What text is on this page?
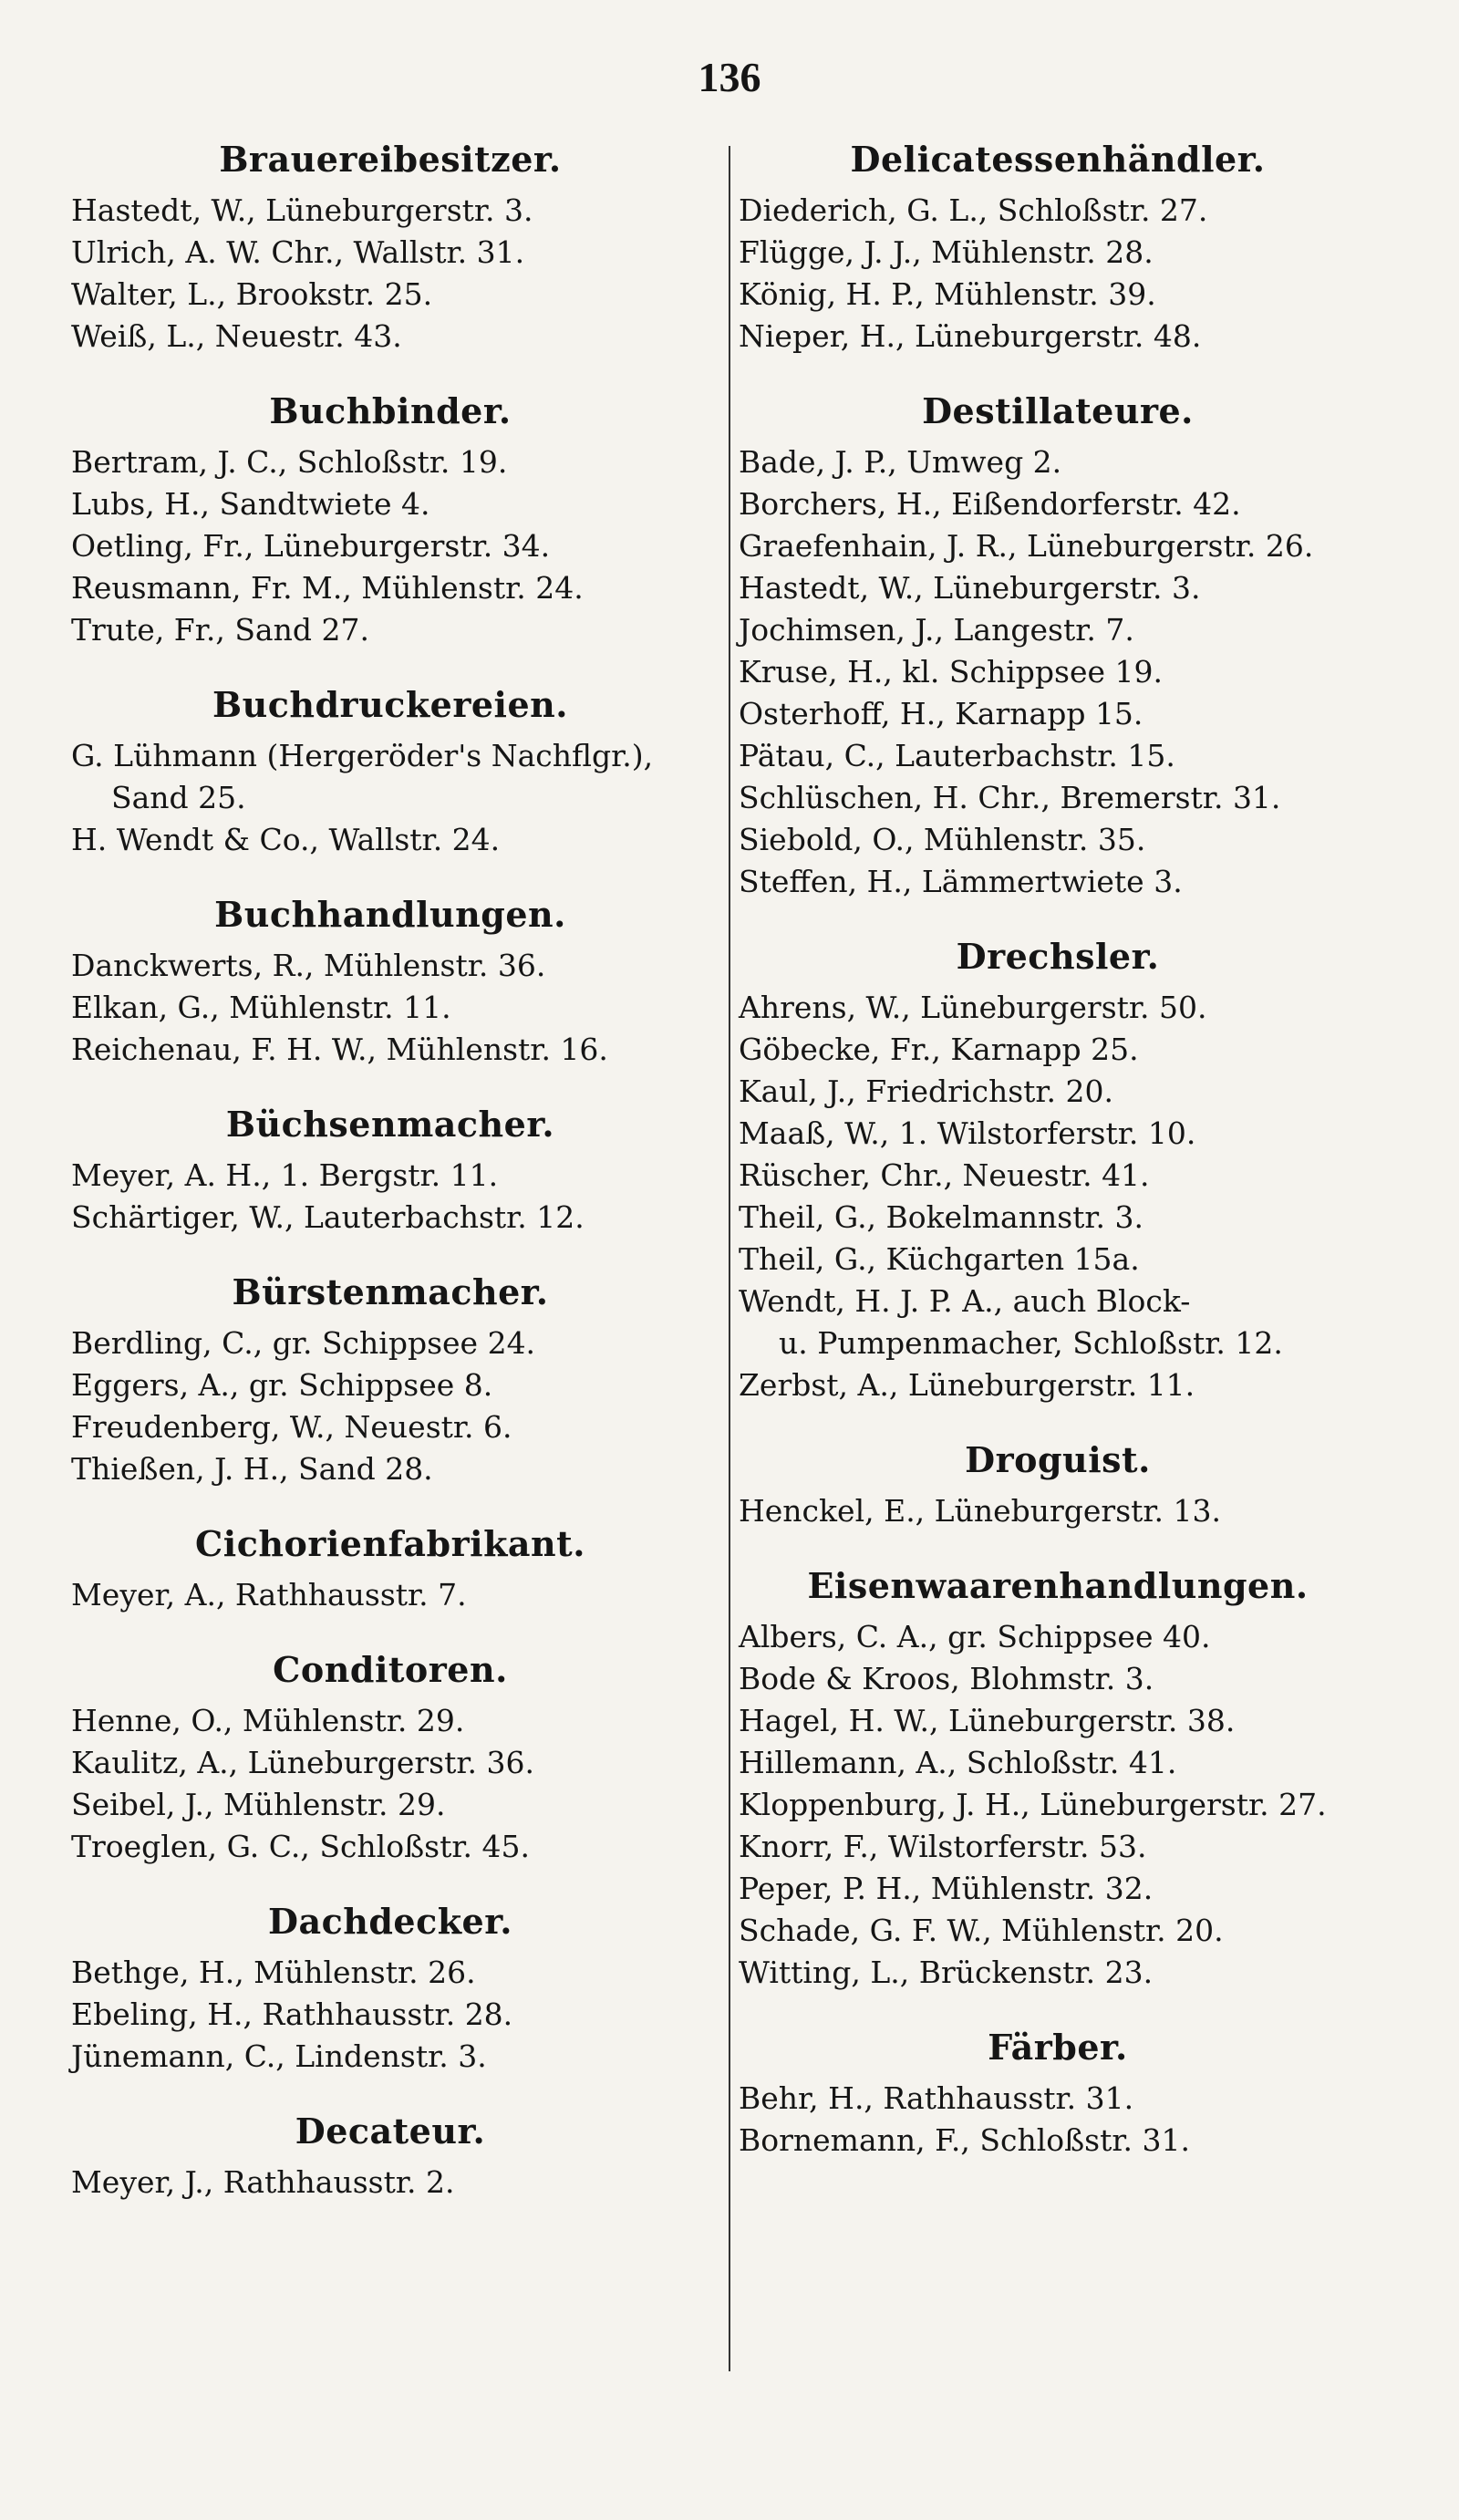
136
Brauereibesitzer.
Hastedt, W., Lüneburgerstr. 3.
Ulrich, A. W. Chr., Wallstr. 31.
Walter, L., Brookstr. 25.
Weiß, L., Neuestr. 43.
Buchbinder.
Bertram, J. C., Schloßstr. 19.
Lubs, H., Sandtwiete 4.
Oetling, Fr., Lüneburgerstr. 34.
Reusmann, Fr. M., Mühlenstr. 24.
Trute, Fr., Sand 27.
Buchdruckereien.
G. Lühmann (Hergeröder's Nachflgr.),
Sand 25.
H. Wendt & Co., Wallstr. 24.
Buchhandlungen.
Danckwerts, R., Mühlenstr. 36.
Elkan, G., Mühlenstr. 11.
Reichenau, F. H. W., Mühlenstr. 16.
Büchsenmacher.
Meyer, A. H., 1. Bergstr. 11.
Schärtiger, W., Lauterbachstr. 12.
Bürstenmacher.
Berdling, C., gr. Schippsee 24.
Eggers, A., gr. Schippsee 8.
Freudenberg, W., Neuestr. 6.
Thießen, J. H., Sand 28.
Cichorienfabrikant.
Meyer, A., Rathhausstr. 7.
Conditoren.
Henne, O., Mühlenstr. 29.
Kaulitz, A., Lüneburgerstr. 36.
Seibel, J., Mühlenstr. 29.
Troeglen, G. C., Schloßstr. 45.
Dachdecker.
Bethge, H., Mühlenstr. 26.
Ebeling, H., Rathhausstr. 28.
Jünemann, C., Lindenstr. 3.
Decateur.
Meyer, J., Rathhausstr. 2.
Delicatessenhändler.
Diederich, G. L., Schloßstr. 27.
Flügge, J. J., Mühlenstr. 28.
König, H. P., Mühlenstr. 39.
Nieper, H., Lüneburgerstr. 48.
Destillateure.
Bade, J. P., Umweg 2.
Borchers, H., Eißendorferstr. 42.
Graefenhain, J. R., Lüneburgerstr. 26.
Hastedt, W., Lüneburgerstr. 3.
Jochimsen, J., Langestr. 7.
Kruse, H., kl. Schippsee 19.
Osterhoff, H., Karnapp 15.
Pätau, C., Lauterbachstr. 15.
Schlüschen, H. Chr., Bremerstr. 31.
Siebold, O., Mühlenstr. 35.
Steffen, H., Lämmertwiete 3.
Drechsler.
Ahrens, W., Lüneburgerstr. 50.
Göbecke, Fr., Karnapp 25.
Kaul, J., Friedrichstr. 20.
Maaß, W., 1. Wilstorferstr. 10.
Rüscher, Chr., Neuestr. 41.
Theil, G., Bokelmannstr. 3.
Theil, G., Küchgarten 15a.
Wendt, H. J. P. A., auch Block-
u. Pumpenmacher, Schloßstr. 12.
Zerbst, A., Lüneburgerstr. 11.
Droguist.
Henckel, E., Lüneburgerstr. 13.
Eisenwaarenhandlungen.
Albers, C. A., gr. Schippsee 40.
Bode & Kroos, Blohmstr. 3.
Hagel, H. W., Lüneburgerstr. 38.
Hillemann, A., Schloßstr. 41.
Kloppenburg, J. H., Lüneburgerstr. 27.
Knorr, F., Wilstorferstr. 53.
Peper, P. H., Mühlenstr. 32.
Schade, G. F. W., Mühlenstr. 20.
Witting, L., Brückenstr. 23.
Färber.
Behr, H., Rathhausstr. 31.
Bornemann, F., Schloßstr. 31.
